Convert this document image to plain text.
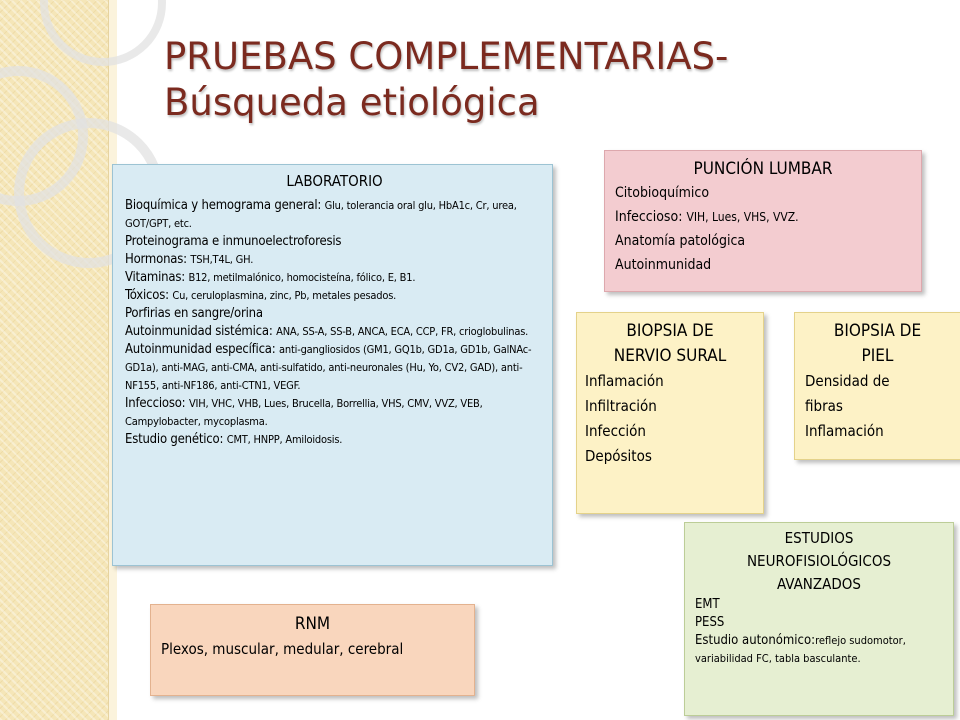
PRUEBAS COMPLEMENTARIAS-
Búsqueda etiológica
LABORATORIO
Bioquímica y hemograma general: Glu, tolerancia oral glu, HbA1c, Cr, urea, GOT/GPT, etc.
Proteinograma e inmunoelectroforesis
Hormonas: TSH,T4L, GH.
Vitaminas: B12, metilmalónico, homocisteína, fólico, E, B1.
Tóxicos: Cu, ceruloplasmina, zinc, Pb, metales pesados.
Porfirias en sangre/orina
Autoinmunidad sistémica: ANA, SS-A, SS-B, ANCA, ECA, CCP, FR, crioglobulinas.
Autoinmunidad específica: anti-gangliosidos (GM1, GQ1b, GD1a, GD1b, GalNAc-GD1a), anti-MAG, anti-CMA, anti-sulfatido, anti-neuronales (Hu, Yo, CV2, GAD), anti-NF155, anti-NF186, anti-CTN1, VEGF.
Infeccioso: VIH, VHC, VHB, Lues, Brucella, Borrellia, VHS, CMV, VVZ, VEB, Campylobacter, mycoplasma.
Estudio genético: CMT, HNPP, Amiloidosis.
PUNCIÓN LUMBAR
Citobioquímico
Infeccioso: VIH, Lues, VHS, VVZ.
Anatomía patológica
Autoinmunidad
BIOPSIA DE
NERVIO SURAL
Inflamación
Infiltración
Infección
Depósitos
BIOPSIA DE
PIEL
Densidad de
fibras
Inflamación
ESTUDIOS
NEUROFISIOLÓGICOS
AVANZADOS
EMT
PESS
Estudio autonómico:reflejo sudomotor, variabilidad FC, tabla basculante.
RNM
Plexos, muscular, medular, cerebral
